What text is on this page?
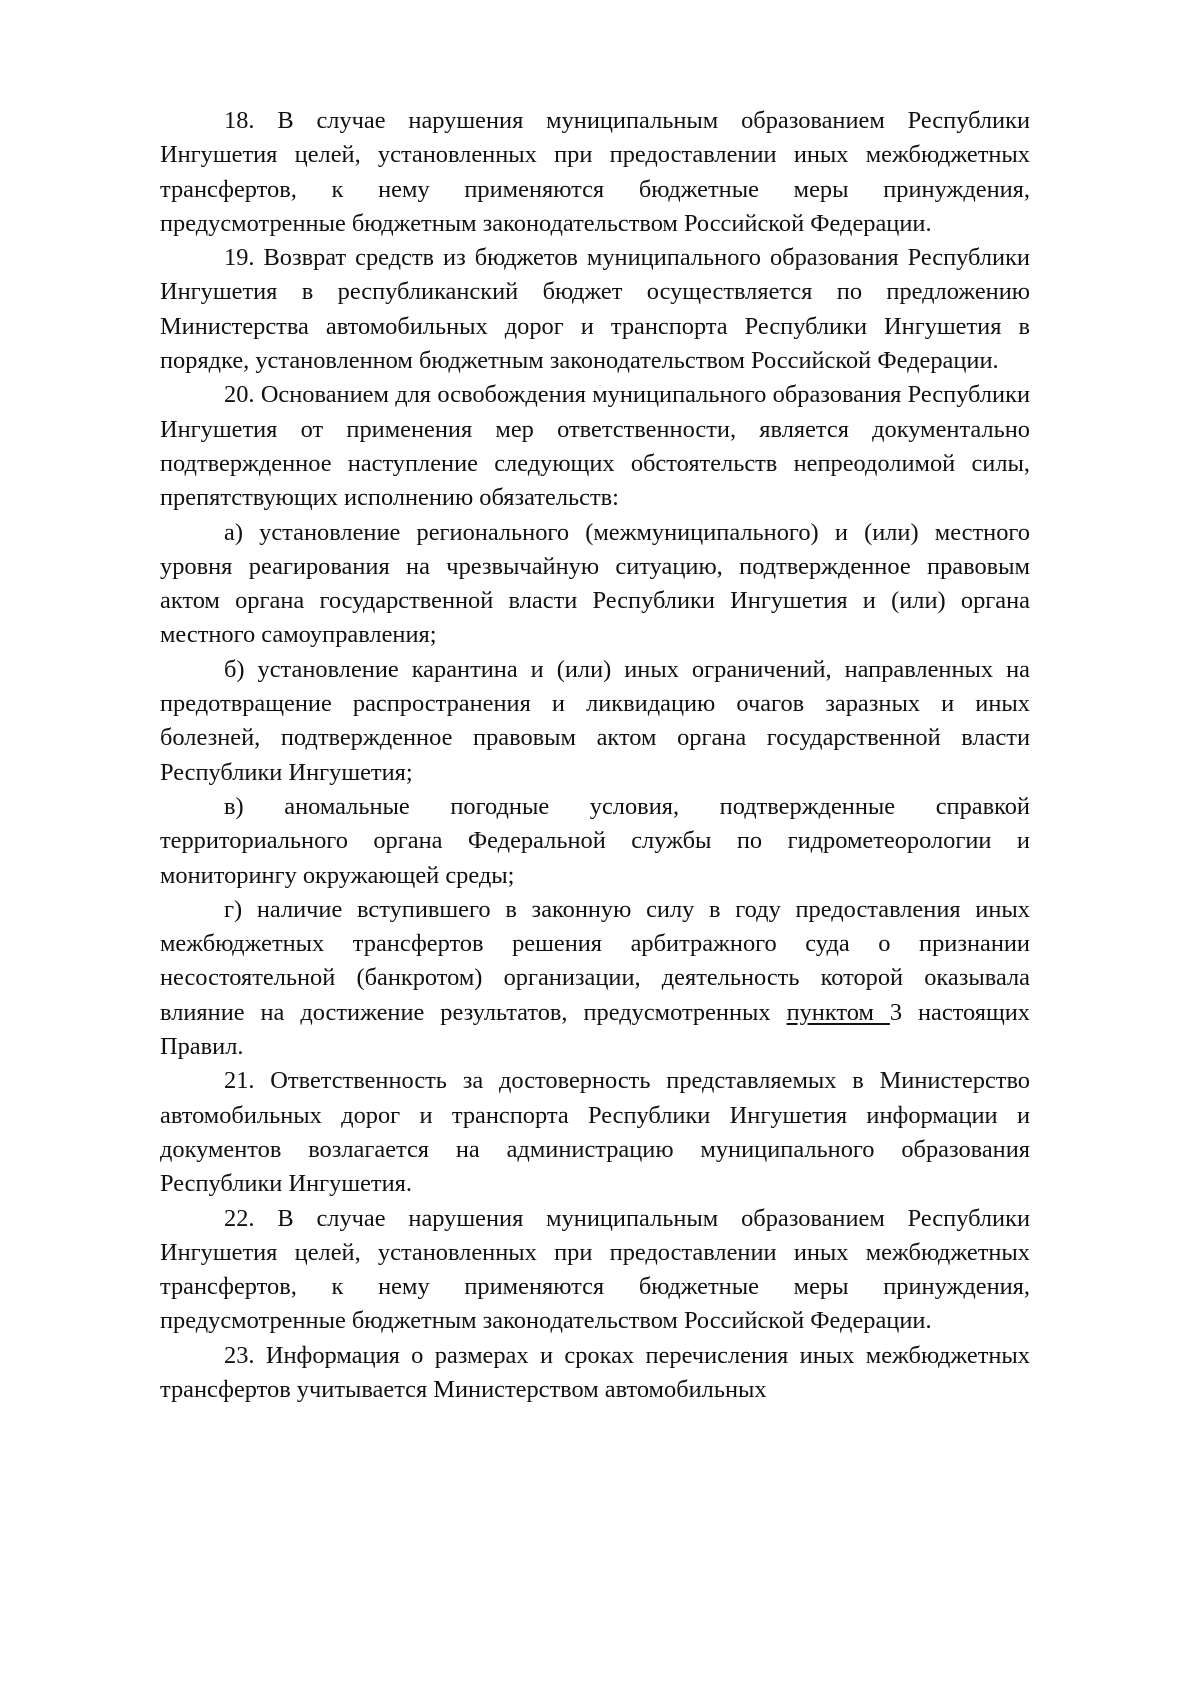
18. В случае нарушения муниципальным образованием Республики Ингушетия целей, установленных при предоставлении иных межбюджетных трансфертов, к нему применяются бюджетные меры принуждения, предусмотренные бюджетным законодательством Российской Федерации.

19. Возврат средств из бюджетов муниципального образования Республики Ингушетия в республиканский бюджет осуществляется по предложению Министерства автомобильных дорог и транспорта Республики Ингушетия в порядке, установленном бюджетным законодательством Российской Федерации.

20. Основанием для освобождения муниципального образования Республики Ингушетия от применения мер ответственности, является документально подтвержденное наступление следующих обстоятельств непреодолимой силы, препятствующих исполнению обязательств:

а) установление регионального (межмуниципального) и (или) местного уровня реагирования на чрезвычайную ситуацию, подтвержденное правовым актом органа государственной власти Республики Ингушетия и (или) органа местного самоуправления;

б) установление карантина и (или) иных ограничений, направленных на предотвращение распространения и ликвидацию очагов заразных и иных болезней, подтвержденное правовым актом органа государственной власти Республики Ингушетия;

в) аномальные погодные условия, подтвержденные справкой территориального органа Федеральной службы по гидрометеорологии и мониторингу окружающей среды;

г) наличие вступившего в законную силу в году предоставления иных межбюджетных трансфертов решения арбитражного суда о признании несостоятельной (банкротом) организации, деятельность которой оказывала влияние на достижение результатов, предусмотренных пунктом 3 настоящих Правил.

21. Ответственность за достоверность представляемых в Министерство автомобильных дорог и транспорта Республики Ингушетия информации и документов возлагается на администрацию муниципального образования Республики Ингушетия.

22. В случае нарушения муниципальным образованием Республики Ингушетия целей, установленных при предоставлении иных межбюджетных трансфертов, к нему применяются бюджетные меры принуждения, предусмотренные бюджетным законодательством Российской Федерации.

23. Информация о размерах и сроках перечисления иных межбюджетных трансфертов учитывается Министерством автомобильных
